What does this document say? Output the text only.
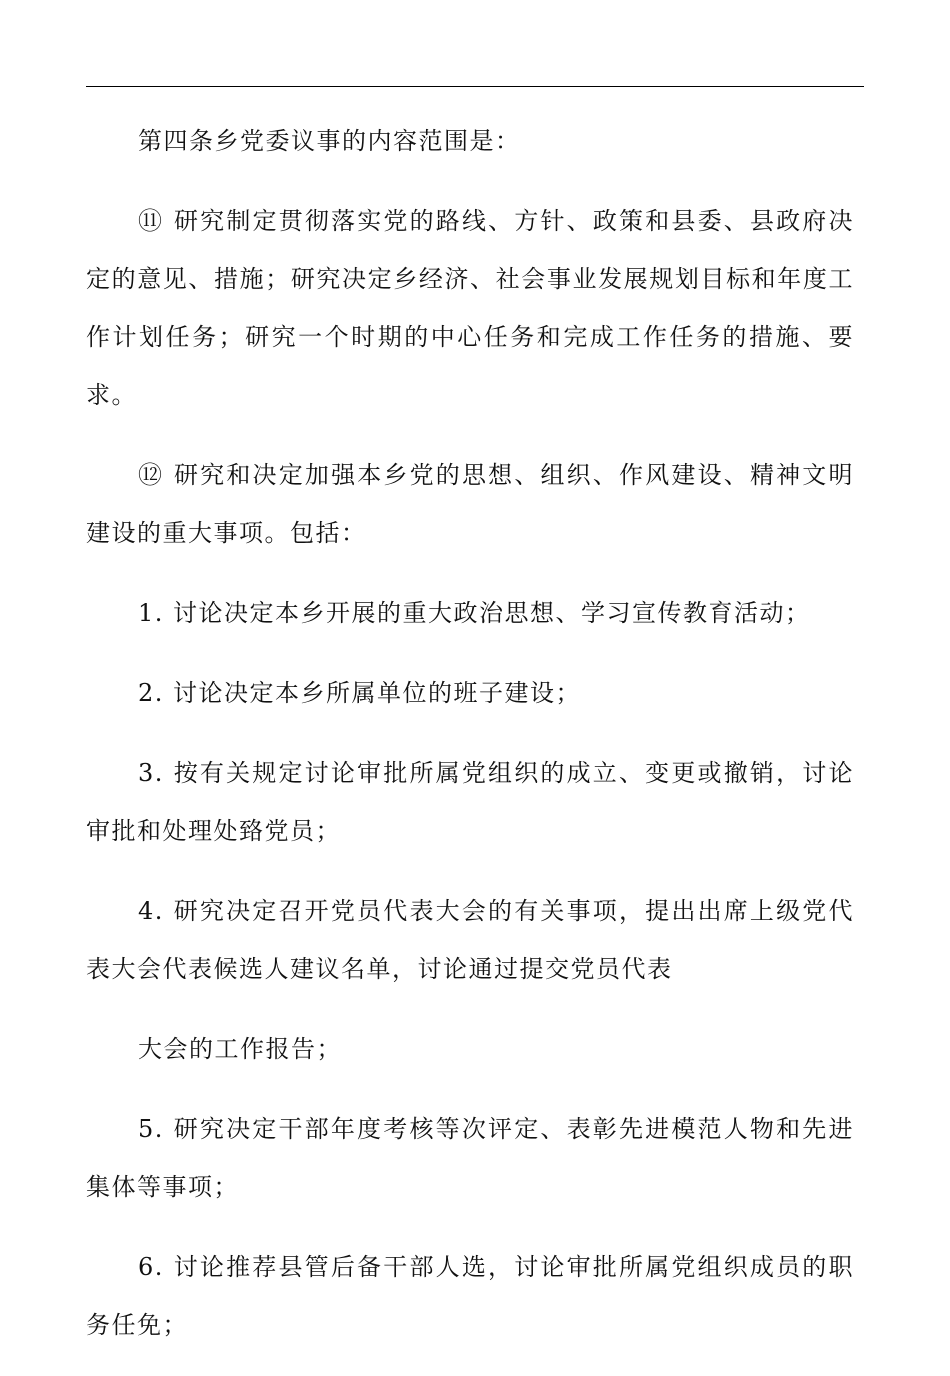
第四条乡党委议事的内容范围是：

⑪ 研究制定贯彻落实党的路线、方针、政策和县委、县政府决定的意见、措施；研究决定乡经济、社会事业发展规划目标和年度工作计划任务；研究一个时期的中心任务和完成工作任务的措施、要求。

⑫ 研究和决定加强本乡党的思想、组织、作风建设、精神文明建设的重大事项。包括：

1. 讨论决定本乡开展的重大政治思想、学习宣传教育活动；

2. 讨论决定本乡所属单位的班子建设；

3. 按有关规定讨论审批所属党组织的成立、变更或撤销，讨论审批和处理处臵党员；

4. 研究决定召开党员代表大会的有关事项，提出出席上级党代表大会代表候选人建议名单，讨论通过提交党员代表

大会的工作报告；

5. 研究决定干部年度考核等次评定、表彰先进模范人物和先进集体等事项；

6. 讨论推荐县管后备干部人选，讨论审批所属党组织成员的职务任免；
